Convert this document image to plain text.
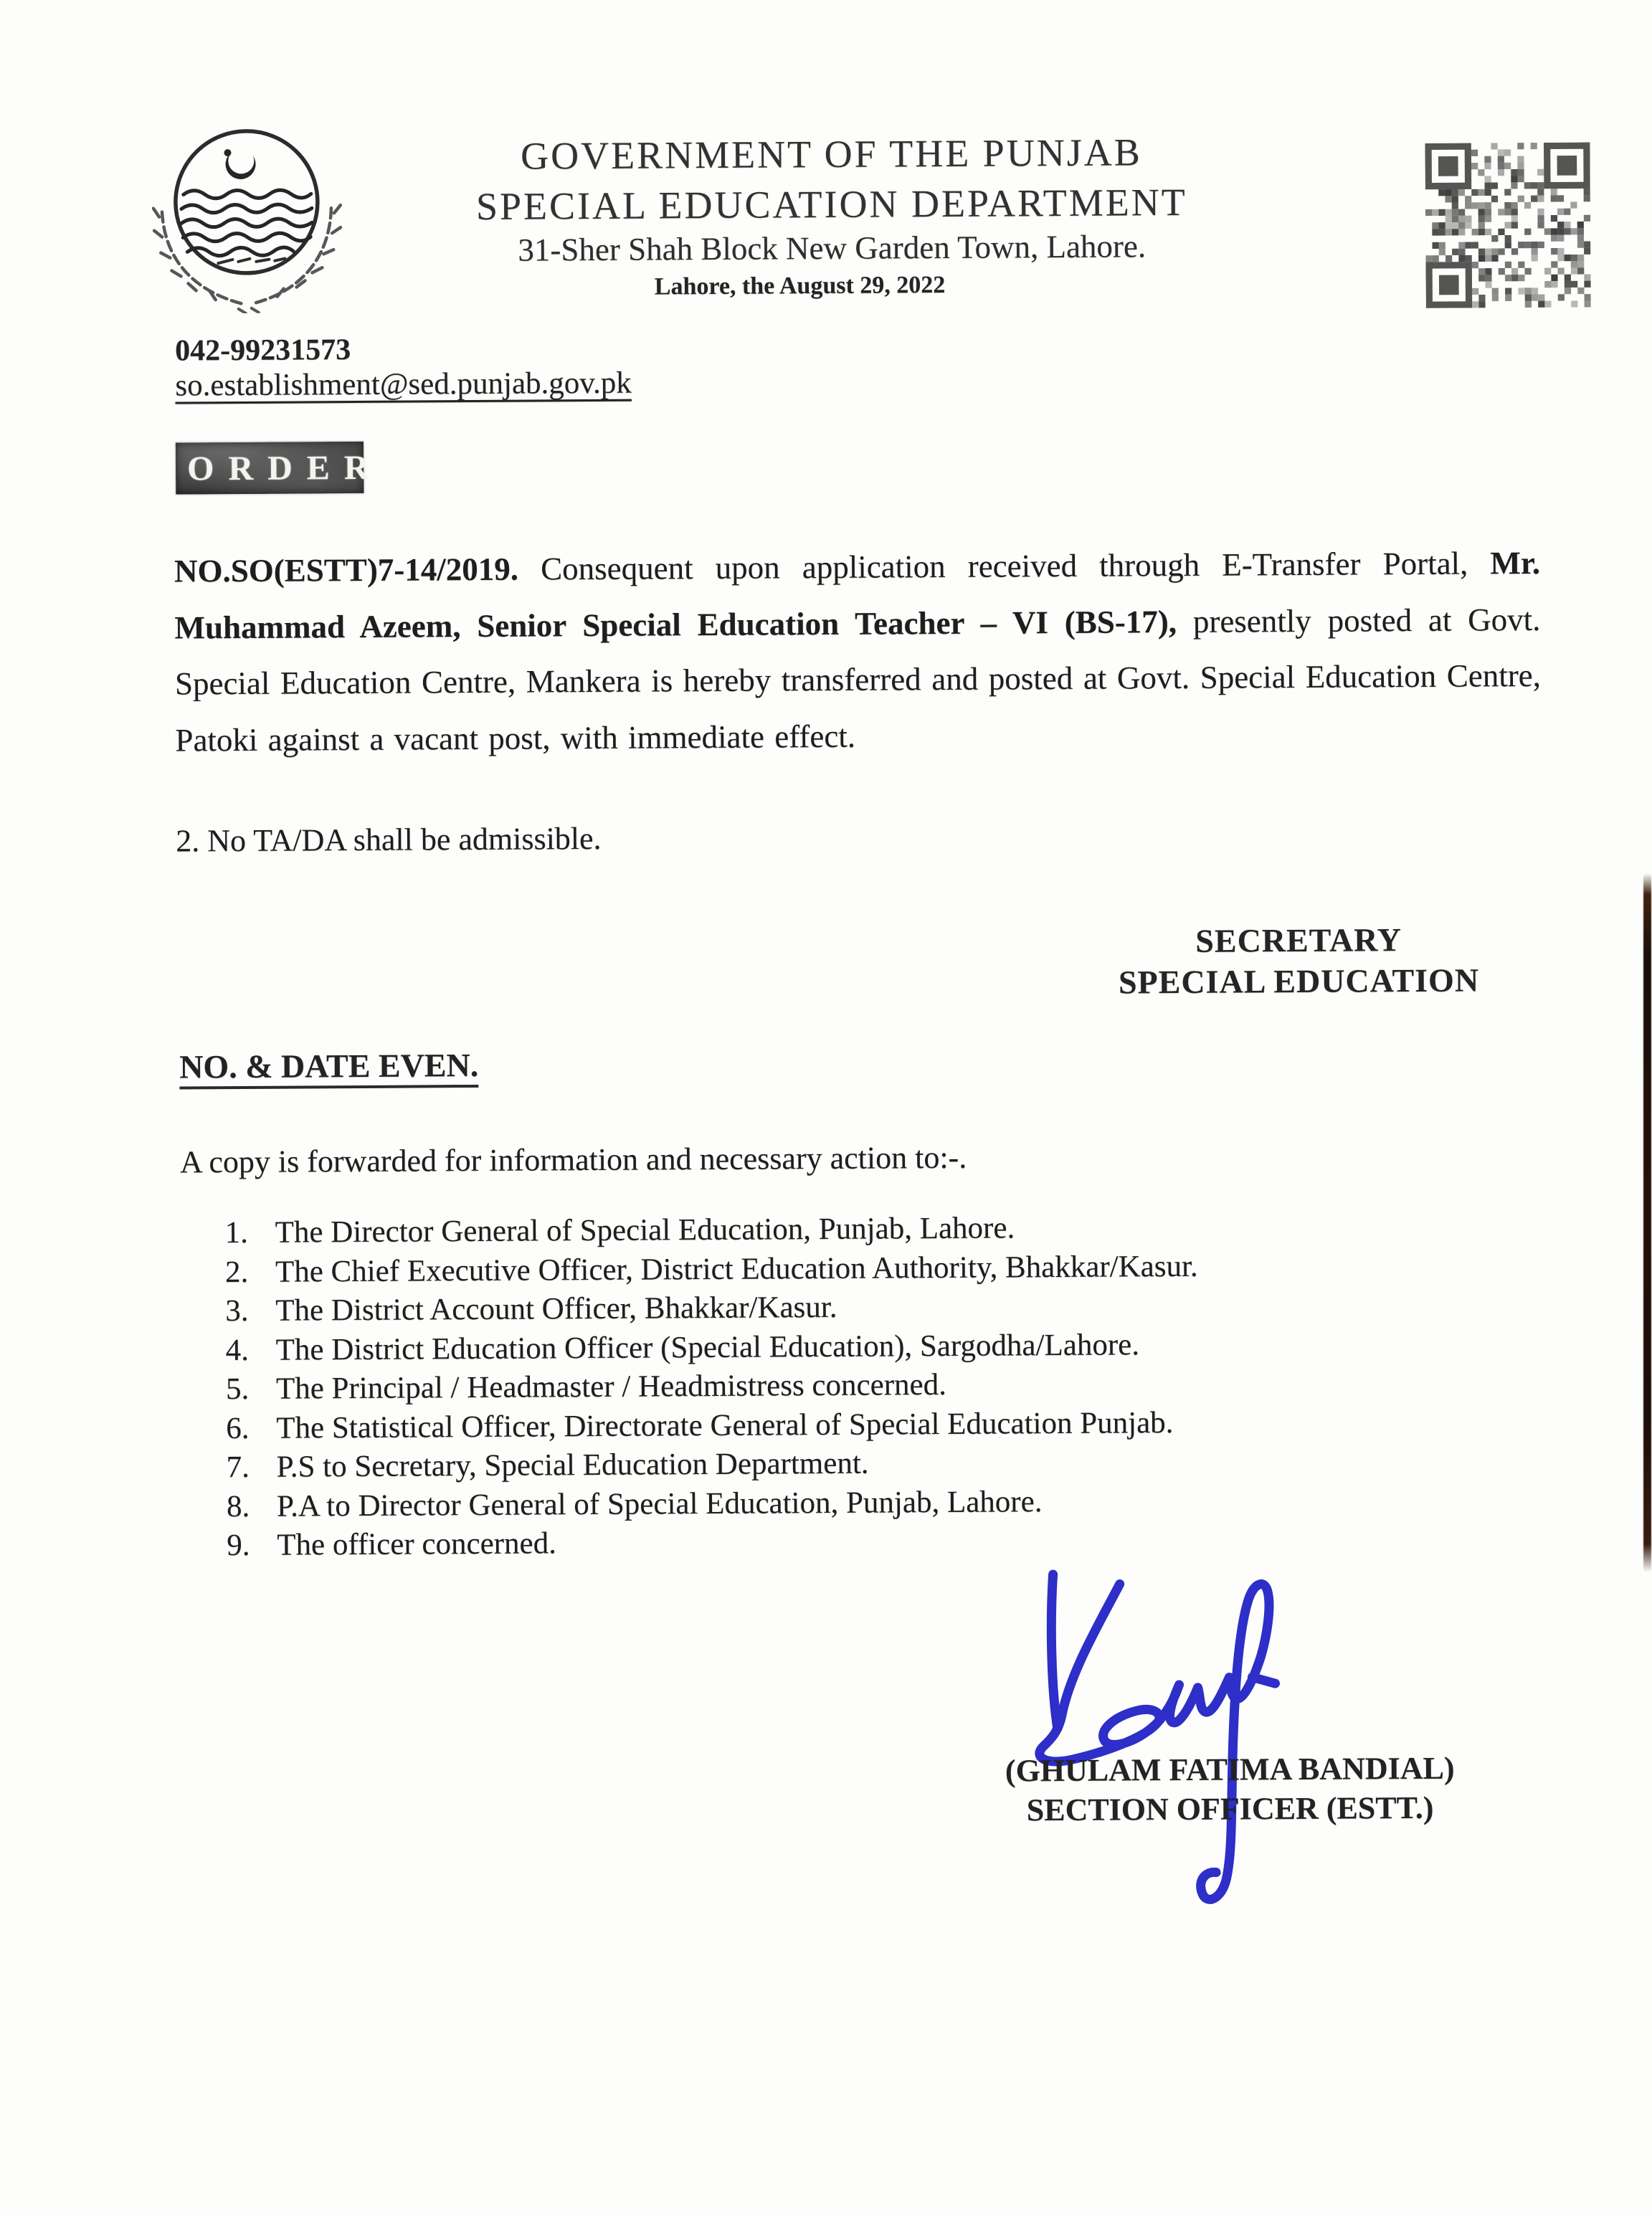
GOVERNMENT OF THE PUNJAB
SPECIAL EDUCATION DEPARTMENT
31-Sher Shah Block New Garden Town, Lahore.
Lahore, the August 29, 2022
042-99231573
so.establishment@sed.punjab.gov.pk
ORDER
NO.SO(ESTT)7-14/2019. Consequent upon application received through E-Transfer Portal, Mr. Muhammad Azeem, Senior Special Education Teacher – VI (BS-17), presently posted at Govt. Special Education Centre, Mankera is hereby transferred and posted at Govt. Special Education Centre, Patoki against a vacant post, with immediate effect.
2. No TA/DA shall be admissible.
SECRETARY
SPECIAL EDUCATION
NO. & DATE EVEN.
A copy is forwarded for information and necessary action to:-.
The Director General of Special Education, Punjab, Lahore.
The Chief Executive Officer, District Education Authority, Bhakkar/Kasur.
The District Account Officer, Bhakkar/Kasur.
The District Education Officer (Special Education), Sargodha/Lahore.
The Principal / Headmaster / Headmistress concerned.
The Statistical Officer, Directorate General of Special Education Punjab.
P.S to Secretary, Special Education Department.
P.A to Director General of Special Education, Punjab, Lahore.
The officer concerned.
(GHULAM FATIMA BANDIAL)
SECTION OFFICER (ESTT.)
